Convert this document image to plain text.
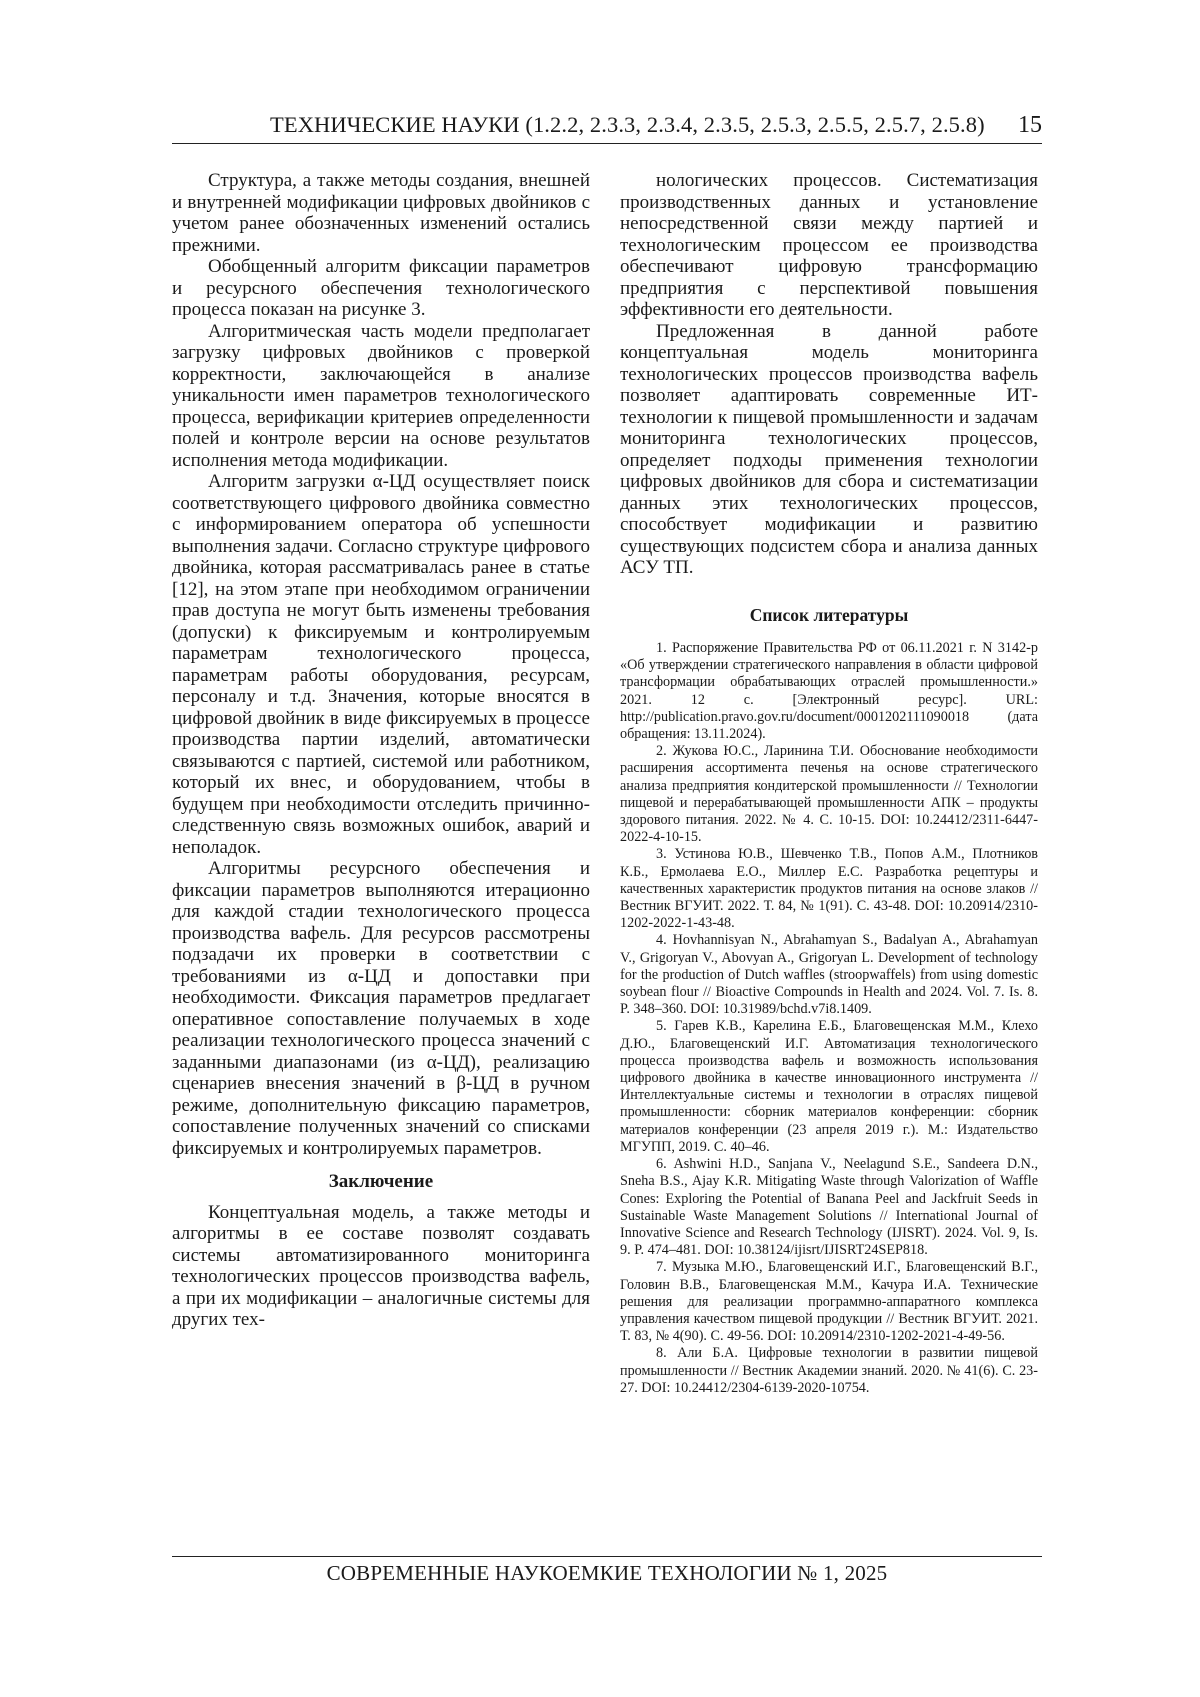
ТЕХНИЧЕСКИЕ НАУКИ (1.2.2, 2.3.3, 2.3.4, 2.3.5, 2.5.3, 2.5.5, 2.5.7, 2.5.8) 15

Структура, а также методы создания, внешней и внутренней модификации цифровых двойников с учетом ранее обозначенных изменений остались прежними.

Обобщенный алгоритм фиксации параметров и ресурсного обеспечения технологического процесса показан на рисунке 3.

Алгоритмическая часть модели предполагает загрузку цифровых двойников с проверкой корректности, заключающейся в анализе уникальности имен параметров технологического процесса, верификации критериев определенности полей и контроле версии на основе результатов исполнения метода модификации.

Алгоритм загрузки α-ЦД осуществляет поиск соответствующего цифрового двойника совместно с информированием оператора об успешности выполнения задачи. Согласно структуре цифрового двойника, которая рассматривалась ранее в статье [12], на этом этапе при необходимом ограничении прав доступа не могут быть изменены требования (допуски) к фиксируемым и контролируемым параметрам технологического процесса, параметрам работы оборудования, ресурсам, персоналу и т.д. Значения, которые вносятся в цифровой двойник в виде фиксируемых в процессе производства партии изделий, автоматически связываются с партией, системой или работником, который их внес, и оборудованием, чтобы в будущем при необходимости отследить причинно-следственную связь возможных ошибок, аварий и неполадок.

Алгоритмы ресурсного обеспечения и фиксации параметров выполняются итерационно для каждой стадии технологического процесса производства вафель. Для ресурсов рассмотрены подзадачи их проверки в соответствии с требованиями из α-ЦД и допоставки при необходимости. Фиксация параметров предлагает оперативное сопоставление получаемых в ходе реализации технологического процесса значений с заданными диапазонами (из α-ЦД), реализацию сценариев внесения значений в β-ЦД в ручном режиме, дополнительную фиксацию параметров, сопоставление полученных значений со списками фиксируемых и контролируемых параметров.

Заключение

Концептуальная модель, а также методы и алгоритмы в ее составе позволят создавать системы автоматизированного мониторинга технологических процессов производства вафель, а при их модификации – аналогичные системы для других тех-

нологических процессов. Систематизация производственных данных и установление непосредственной связи между партией и технологическим процессом ее производства обеспечивают цифровую трансформацию предприятия с перспективой повышения эффективности его деятельности.

Предложенная в данной работе концептуальная модель мониторинга технологических процессов производства вафель позволяет адаптировать современные ИТ-технологии к пищевой промышленности и задачам мониторинга технологических процессов, определяет подходы применения технологии цифровых двойников для сбора и систематизации данных этих технологических процессов, способствует модификации и развитию существующих подсистем сбора и анализа данных АСУ ТП.

Список литературы

1. Распоряжение Правительства РФ от 06.11.2021 г. N 3142-р «Об утверждении стратегического направления в области цифровой трансформации обрабатывающих отраслей промышленности.» 2021. 12 с. [Электронный ресурс]. URL: http://publication.pravo.gov.ru/document/0001202111090018 (дата обращения: 13.11.2024).

2. Жукова Ю.С., Ларинина Т.И. Обоснование необходимости расширения ассортимента печенья на основе стратегического анализа предприятия кондитерской промышленности // Технологии пищевой и перерабатывающей промышленности АПК – продукты здорового питания. 2022. № 4. С. 10-15. DOI: 10.24412/2311-6447-2022-4-10-15.

3. Устинова Ю.В., Шевченко Т.В., Попов А.М., Плотников К.Б., Ермолаева Е.О., Миллер Е.С. Разработка рецептуры и качественных характеристик продуктов питания на основе злаков // Вестник ВГУИТ. 2022. Т. 84, № 1(91). С. 43-48. DOI: 10.20914/2310-1202-2022-1-43-48.

4. Hovhannisyan N., Abrahamyan S., Badalyan A., Abrahamyan V., Grigoryan V., Abovyan A., Grigoryan L. Development of technology for the production of Dutch waffles (stroopwaffels) from using domestic soybean flour // Bioactive Compounds in Health and 2024. Vol. 7. Is. 8. P. 348–360. DOI: 10.31989/bchd.v7i8.1409.

5. Гарев К.В., Карелина Е.Б., Благовещенская М.М., Клехо Д.Ю., Благовещенский И.Г. Автоматизация технологического процесса производства вафель и возможность использования цифрового двойника в качестве инновационного инструмента // Интеллектуальные системы и технологии в отраслях пищевой промышленности: сборник материалов конференции: сборник материалов конференции (23 апреля 2019 г.). М.: Издательство МГУПП, 2019. С. 40–46.

6. Ashwini H.D., Sanjana V., Neelagund S.E., Sandeera D.N., Sneha B.S., Ajay K.R. Mitigating Waste through Valorization of Waffle Cones: Exploring the Potential of Banana Peel and Jackfruit Seeds in Sustainable Waste Management Solutions // International Journal of Innovative Science and Research Technology (IJISRT). 2024. Vol. 9, Is. 9. P. 474–481. DOI: 10.38124/ijisrt/IJISRT24SEP818.

7. Музыка М.Ю., Благовещенский И.Г., Благовещенский В.Г., Головин В.В., Благовещенская М.М., Качура И.А. Технические решения для реализации программно-аппаратного комплекса управления качеством пищевой продукции // Вестник ВГУИТ. 2021. Т. 83, № 4(90). С. 49-56. DOI: 10.20914/2310-1202-2021-4-49-56.

8. Али Б.А. Цифровые технологии в развитии пищевой промышленности // Вестник Академии знаний. 2020. № 41(6). С. 23-27. DOI: 10.24412/2304-6139-2020-10754.

СОВРЕМЕННЫЕ НАУКОЕМКИЕ ТЕХНОЛОГИИ № 1, 2025
